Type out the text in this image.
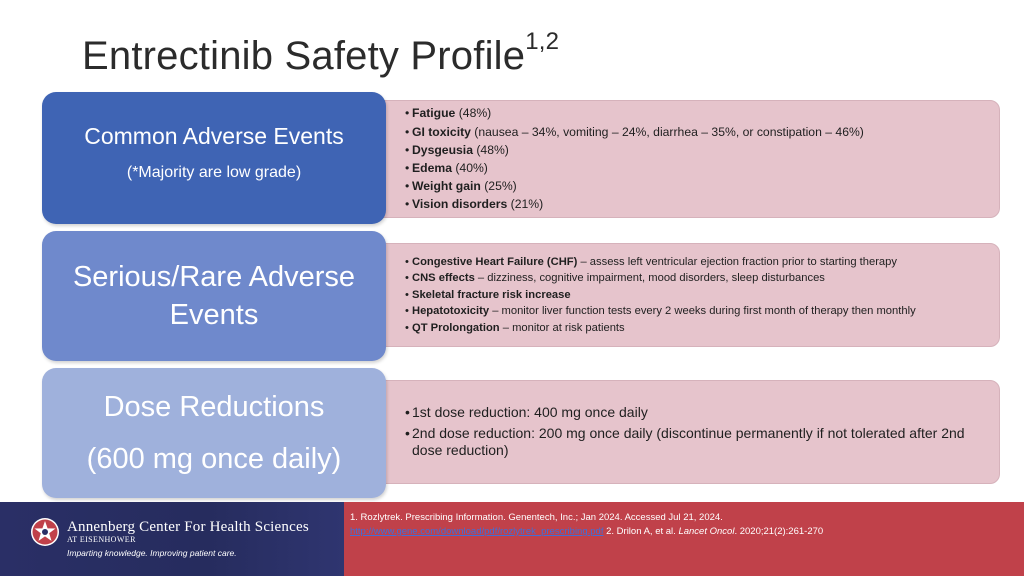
Entrectinib Safety Profile$^{1,2}$
• Fatigue (48%)
• GI toxicity (nausea – 34%, vomiting – 24%, diarrhea – 35%, or constipation – 46%)
• Dysgeusia (48%)
• Edema (40%)
• Weight gain (25%)
• Vision disorders (21%)
Common Adverse Events
(*Majority are low grade)
• Congestive Heart Failure (CHF) – assess left ventricular ejection fraction prior to starting therapy
• CNS effects – dizziness, cognitive impairment, mood disorders, sleep disturbances
• Skeletal fracture risk increase
• Hepatotoxicity – monitor liver function tests every 2 weeks during first month of therapy then monthly
• QT Prolongation – monitor at risk patients
Serious/Rare Adverse
Events
• 1st dose reduction: 400 mg once daily
• 2nd dose reduction: 200 mg once daily (discontinue permanently if not tolerated after 2nd dose reduction)
Dose Reductions
(600 mg once daily)
Annenberg Center For Health Sciences
AT EISENHOWER
Imparting knowledge. Improving patient care.
1. Rozlytrek. Prescribing Information. Genentech, Inc.; Jan 2024. Accessed Jul 21, 2024.
http://www.gene.com/download/pdf/rozlytrek_prescribing.pdf 2. Drilon A, et al. Lancet Oncol. 2020;21(2):261-270
